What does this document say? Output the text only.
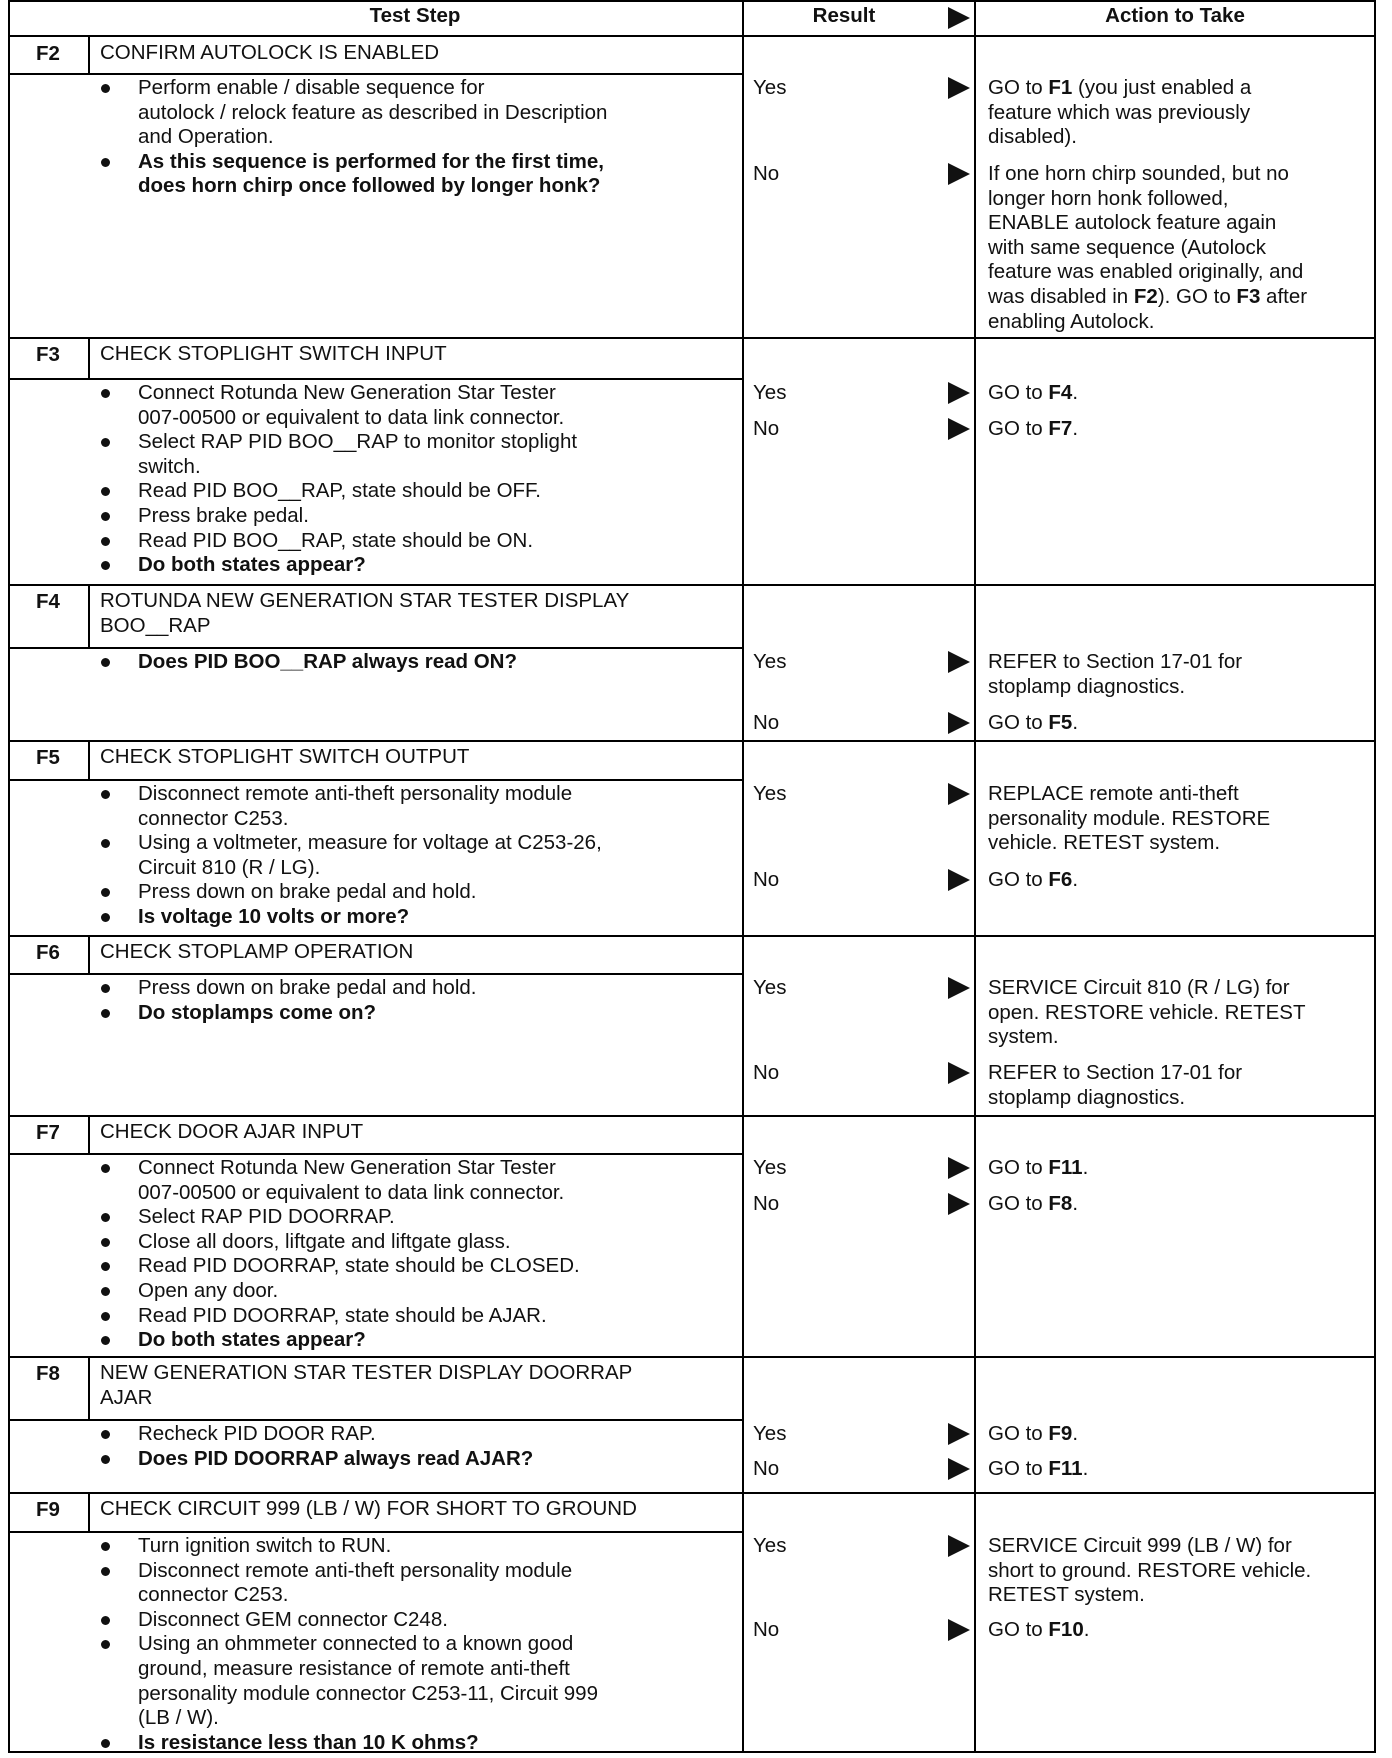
Test Step	Result	Action to Take
F2	CONFIRM AUTOLOCK IS ENABLED
Perform enable / disable sequence for
autolock / relock feature as described in Description
and Operation.
As this sequence is performed for the first time,
does horn chirp once followed by longer honk?
Yes	GO to F1 (you just enabled a
feature which was previously
disabled).
No	If one horn chirp sounded, but no
longer horn honk followed,
ENABLE autolock feature again
with same sequence (Autolock
feature was enabled originally, and
was disabled in F2). GO to F3 after
enabling Autolock.
F3	CHECK STOPLIGHT SWITCH INPUT
Connect Rotunda New Generation Star Tester
007-00500 or equivalent to data link connector.
Select RAP PID BOO__RAP to monitor stoplight
switch.
Read PID BOO__RAP, state should be OFF.
Press brake pedal.
Read PID BOO__RAP, state should be ON.
Do both states appear?
Yes	GO to F4.
No	GO to F7.
F4	ROTUNDA NEW GENERATION STAR TESTER DISPLAY
BOO__RAP
Does PID BOO__RAP always read ON?	Yes	REFER to Section 17-01 for
stoplamp diagnostics.
No	GO to F5.
F5	CHECK STOPLIGHT SWITCH OUTPUT
Disconnect remote anti-theft personality module
connector C253.
Using a voltmeter, measure for voltage at C253-26,
Circuit 810 (R / LG).
Press down on brake pedal and hold.
Is voltage 10 volts or more?
Yes	REPLACE remote anti-theft
personality module. RESTORE
vehicle. RETEST system.
No	GO to F6.
F6	CHECK STOPLAMP OPERATION
Press down on brake pedal and hold.
Do stoplamps come on?
Yes	SERVICE Circuit 810 (R / LG) for
open. RESTORE vehicle. RETEST
system.
No	REFER to Section 17-01 for
stoplamp diagnostics.
F7	CHECK DOOR AJAR INPUT
Connect Rotunda New Generation Star Tester
007-00500 or equivalent to data link connector.
Select RAP PID DOORRAP.
Close all doors, liftgate and liftgate glass.
Read PID DOORRAP, state should be CLOSED.
Open any door.
Read PID DOORRAP, state should be AJAR.
Do both states appear?
Yes	GO to F11.
No	GO to F8.
F8	NEW GENERATION STAR TESTER DISPLAY DOORRAP
AJAR
Recheck PID DOOR RAP.
Does PID DOORRAP always read AJAR?
Yes	GO to F9.
No	GO to F11.
F9	CHECK CIRCUIT 999 (LB / W) FOR SHORT TO GROUND
Turn ignition switch to RUN.
Disconnect remote anti-theft personality module
connector C253.
Disconnect GEM connector C248.
Using an ohmmeter connected to a known good
ground, measure resistance of remote anti-theft
personality module connector C253-11, Circuit 999
(LB / W).
Is resistance less than 10 K ohms?
Yes	SERVICE Circuit 999 (LB / W) for
short to ground. RESTORE vehicle.
RETEST system.
No	GO to F10.
